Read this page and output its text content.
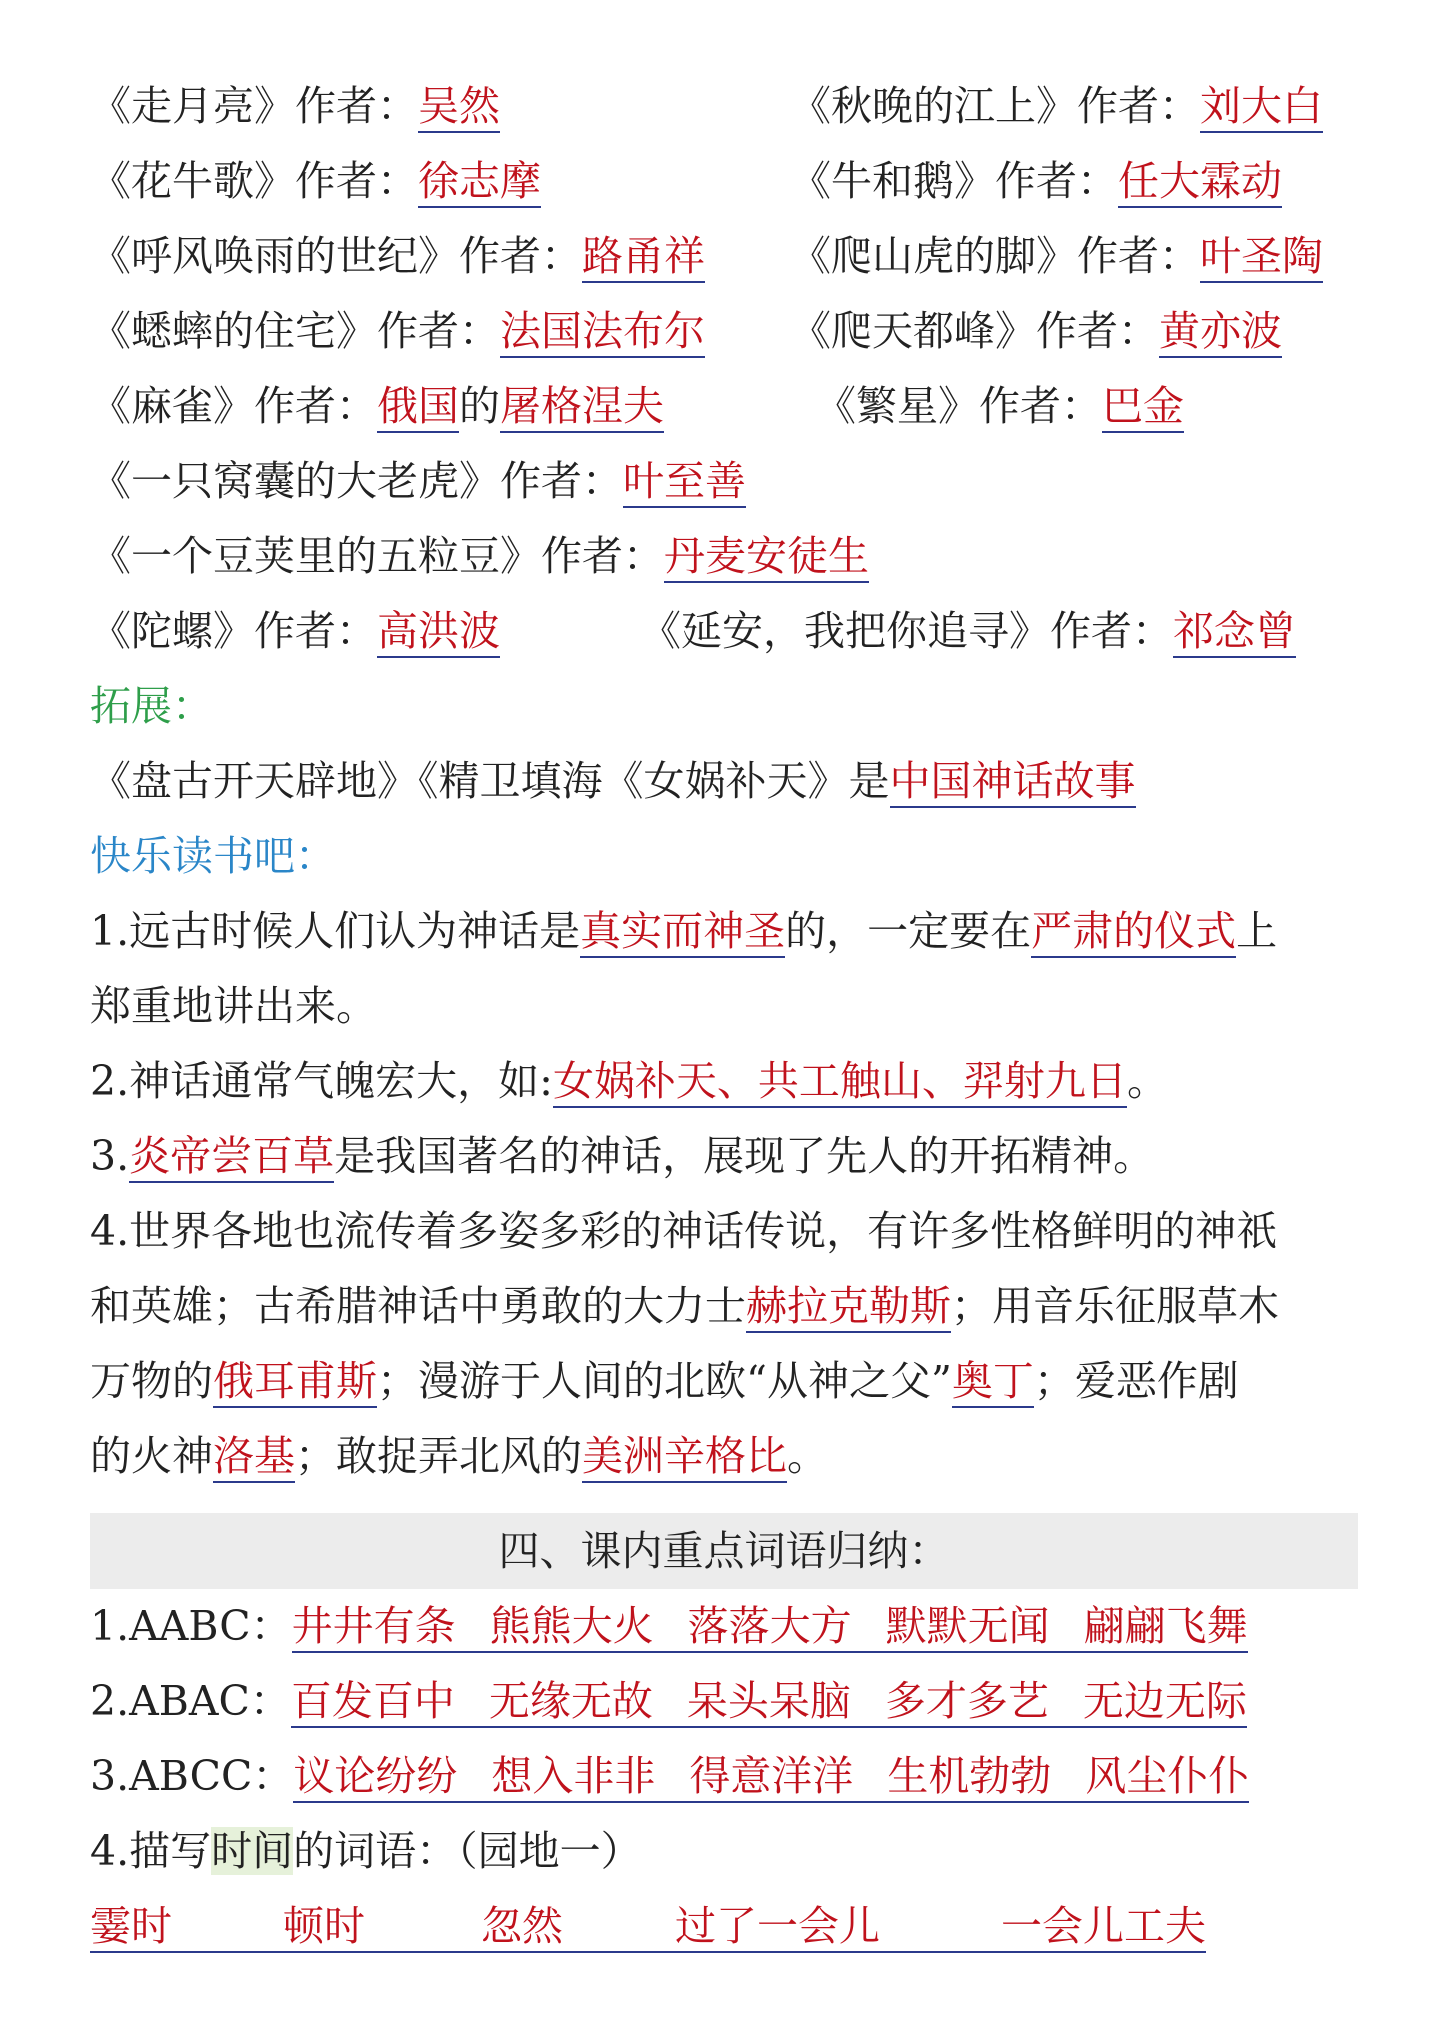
《走月亮》作者：吴然	《秋晚的江上》作者：刘大白
《花牛歌》作者：徐志摩	《牛和鹅》作者：任大霖动
《呼风唤雨的世纪》作者：路甬祥 《爬山虎的脚》作者：叶圣陶
《蟋蟀的住宅》作者：法国法布尔 《爬天都峰》作者：黄亦波
《麻雀》作者：俄国的屠格涅夫	《繁星》作者：巴金
《一只窝囊的大老虎》作者：叶至善
《一个豆荚里的五粒豆》作者：丹麦安徒生
《陀螺》作者：高洪波	《延安，我把你追寻》作者：祁念曾
拓展：
《盘古开天辟地》《精卫填海《女娲补天》是中国神话故事
快乐读书吧：
1.远古时候人们认为神话是真实而神圣的，一定要在严肃的仪式上
郑重地讲出来。
2.神话通常气魄宏大，如:女娲补天、共工触山、羿射九日。
3.炎帝尝百草是我国著名的神话，展现了先人的开拓精神。
4.世界各地也流传着多姿多彩的神话传说，有许多性格鲜明的神祇
和英雄；古希腊神话中勇敢的大力士赫拉克勒斯；用音乐征服草木
万物的俄耳甫斯；漫游于人间的北欧“从神之父”奥丁；爱恶作剧
的火神洛基；敢捉弄北风的美洲辛格比。
四、课内重点词语归纳：
1.AABC：井井有条 熊熊大火 落落大方 默默无闻 翩翩飞舞
2.ABAC：百发百中 无缘无故 呆头呆脑 多才多艺 无边无际
3.ABCC：议论纷纷 想入非非 得意洋洋 生机勃勃 风尘仆仆
4.描写时间的词语：（园地一）
霎时	顿时	忽然	过了一会儿	一会儿工夫
